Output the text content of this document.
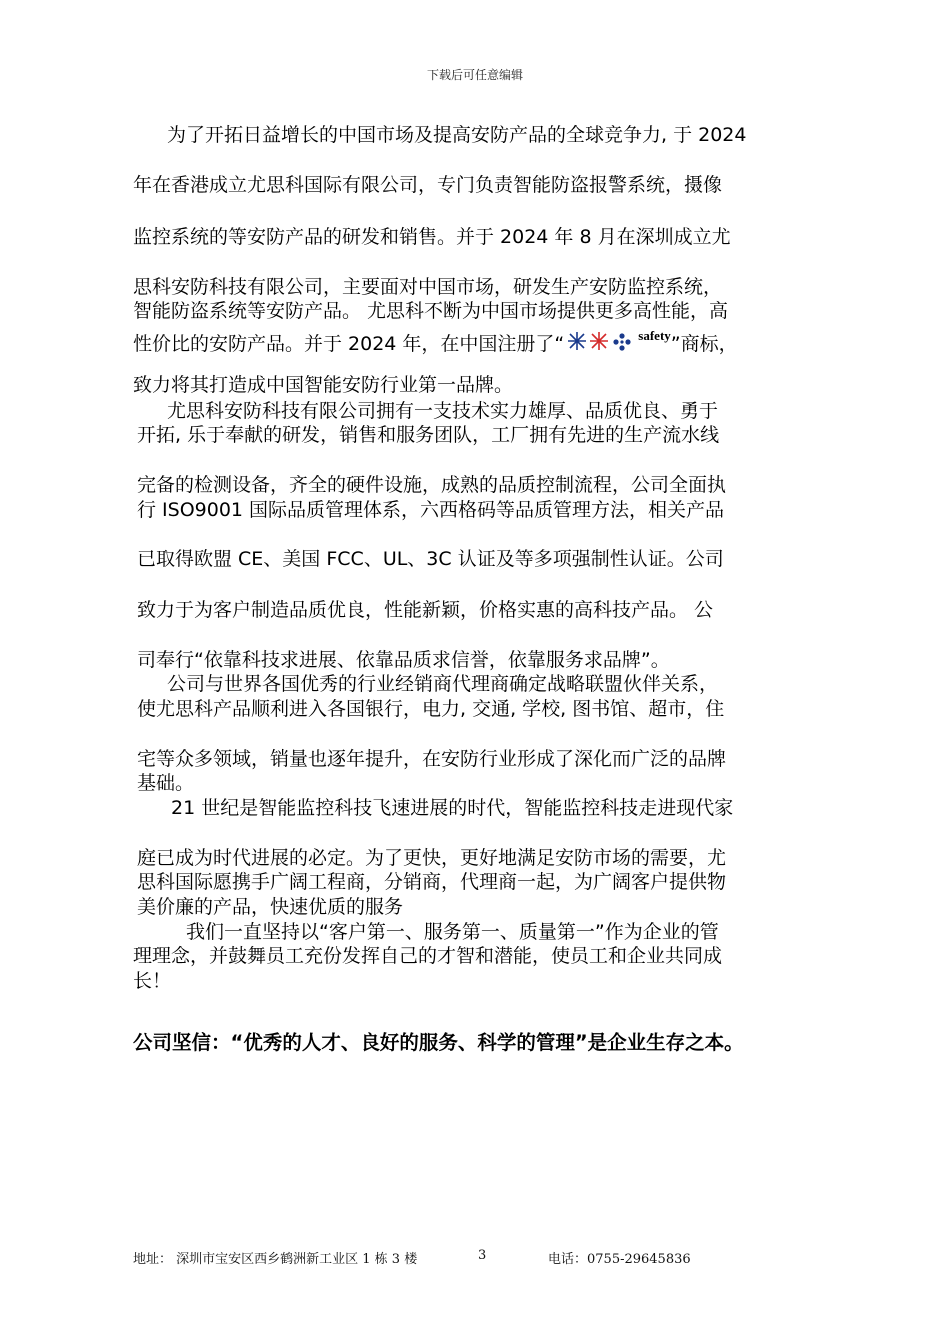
下载后可任意编辑
为了开拓日益增长的中国市场及提高安防产品的全球竞争力, 于 2024
年在香港成立尤思科国际有限公司，专门负责智能防盗报警系统，摄像
监控系统的等安防产品的研发和销售。并于 2024 年 8 月在深圳成立尤
思科安防科技有限公司，主要面对中国市场，研发生产安防监控系统，
智能防盗系统等安防产品。 尤思科不断为中国市场提供更多高性能，高
性价比的安防产品。并于 2024 年，在中国注册了“	$^{safety}$”商标，
致力将其打造成中国智能安防行业第一品牌。
尤思科安防科技有限公司拥有一支技术实力雄厚、品质优良、勇于
开拓, 乐于奉献的研发，销售和服务团队，工厂拥有先进的生产流水线
完备的检测设备，齐全的硬件设施，成熟的品质控制流程，公司全面执
行 ISO9001 国际品质管理体系，六西格码等品质管理方法，相关产品
已取得欧盟 CE、美国 FCC、UL、3C 认证及等多项强制性认证。公司
致力于为客户制造品质优良，性能新颖，价格实惠的高科技产品。 公
司奉行“依靠科技求进展、依靠品质求信誉，依靠服务求品牌”。
公司与世界各国优秀的行业经销商代理商确定战略联盟伙伴关系，
使尤思科产品顺利进入各国银行，电力, 交通, 学校, 图书馆、超市，住
宅等众多领域，销量也逐年提升，在安防行业形成了深化而广泛的品牌
基础。
21 世纪是智能监控科技飞速进展的时代，智能监控科技走进现代家
庭已成为时代进展的必定。为了更快，更好地满足安防市场的需要，尤
思科国际愿携手广阔工程商，分销商，代理商一起，为广阔客户提供物
美价廉的产品，快速优质的服务
我们一直坚持以“客户第一、服务第一、质量第一”作为企业的管
理理念，并鼓舞员工充份发挥自己的才智和潜能，使员工和企业共同成
长！
公司坚信：“优秀的人才、良好的服务、科学的管理”是企业生存之本。
地址： 深圳市宝安区西乡鹤洲新工业区 1 栋 3 楼	3	电话：0755-29645836
